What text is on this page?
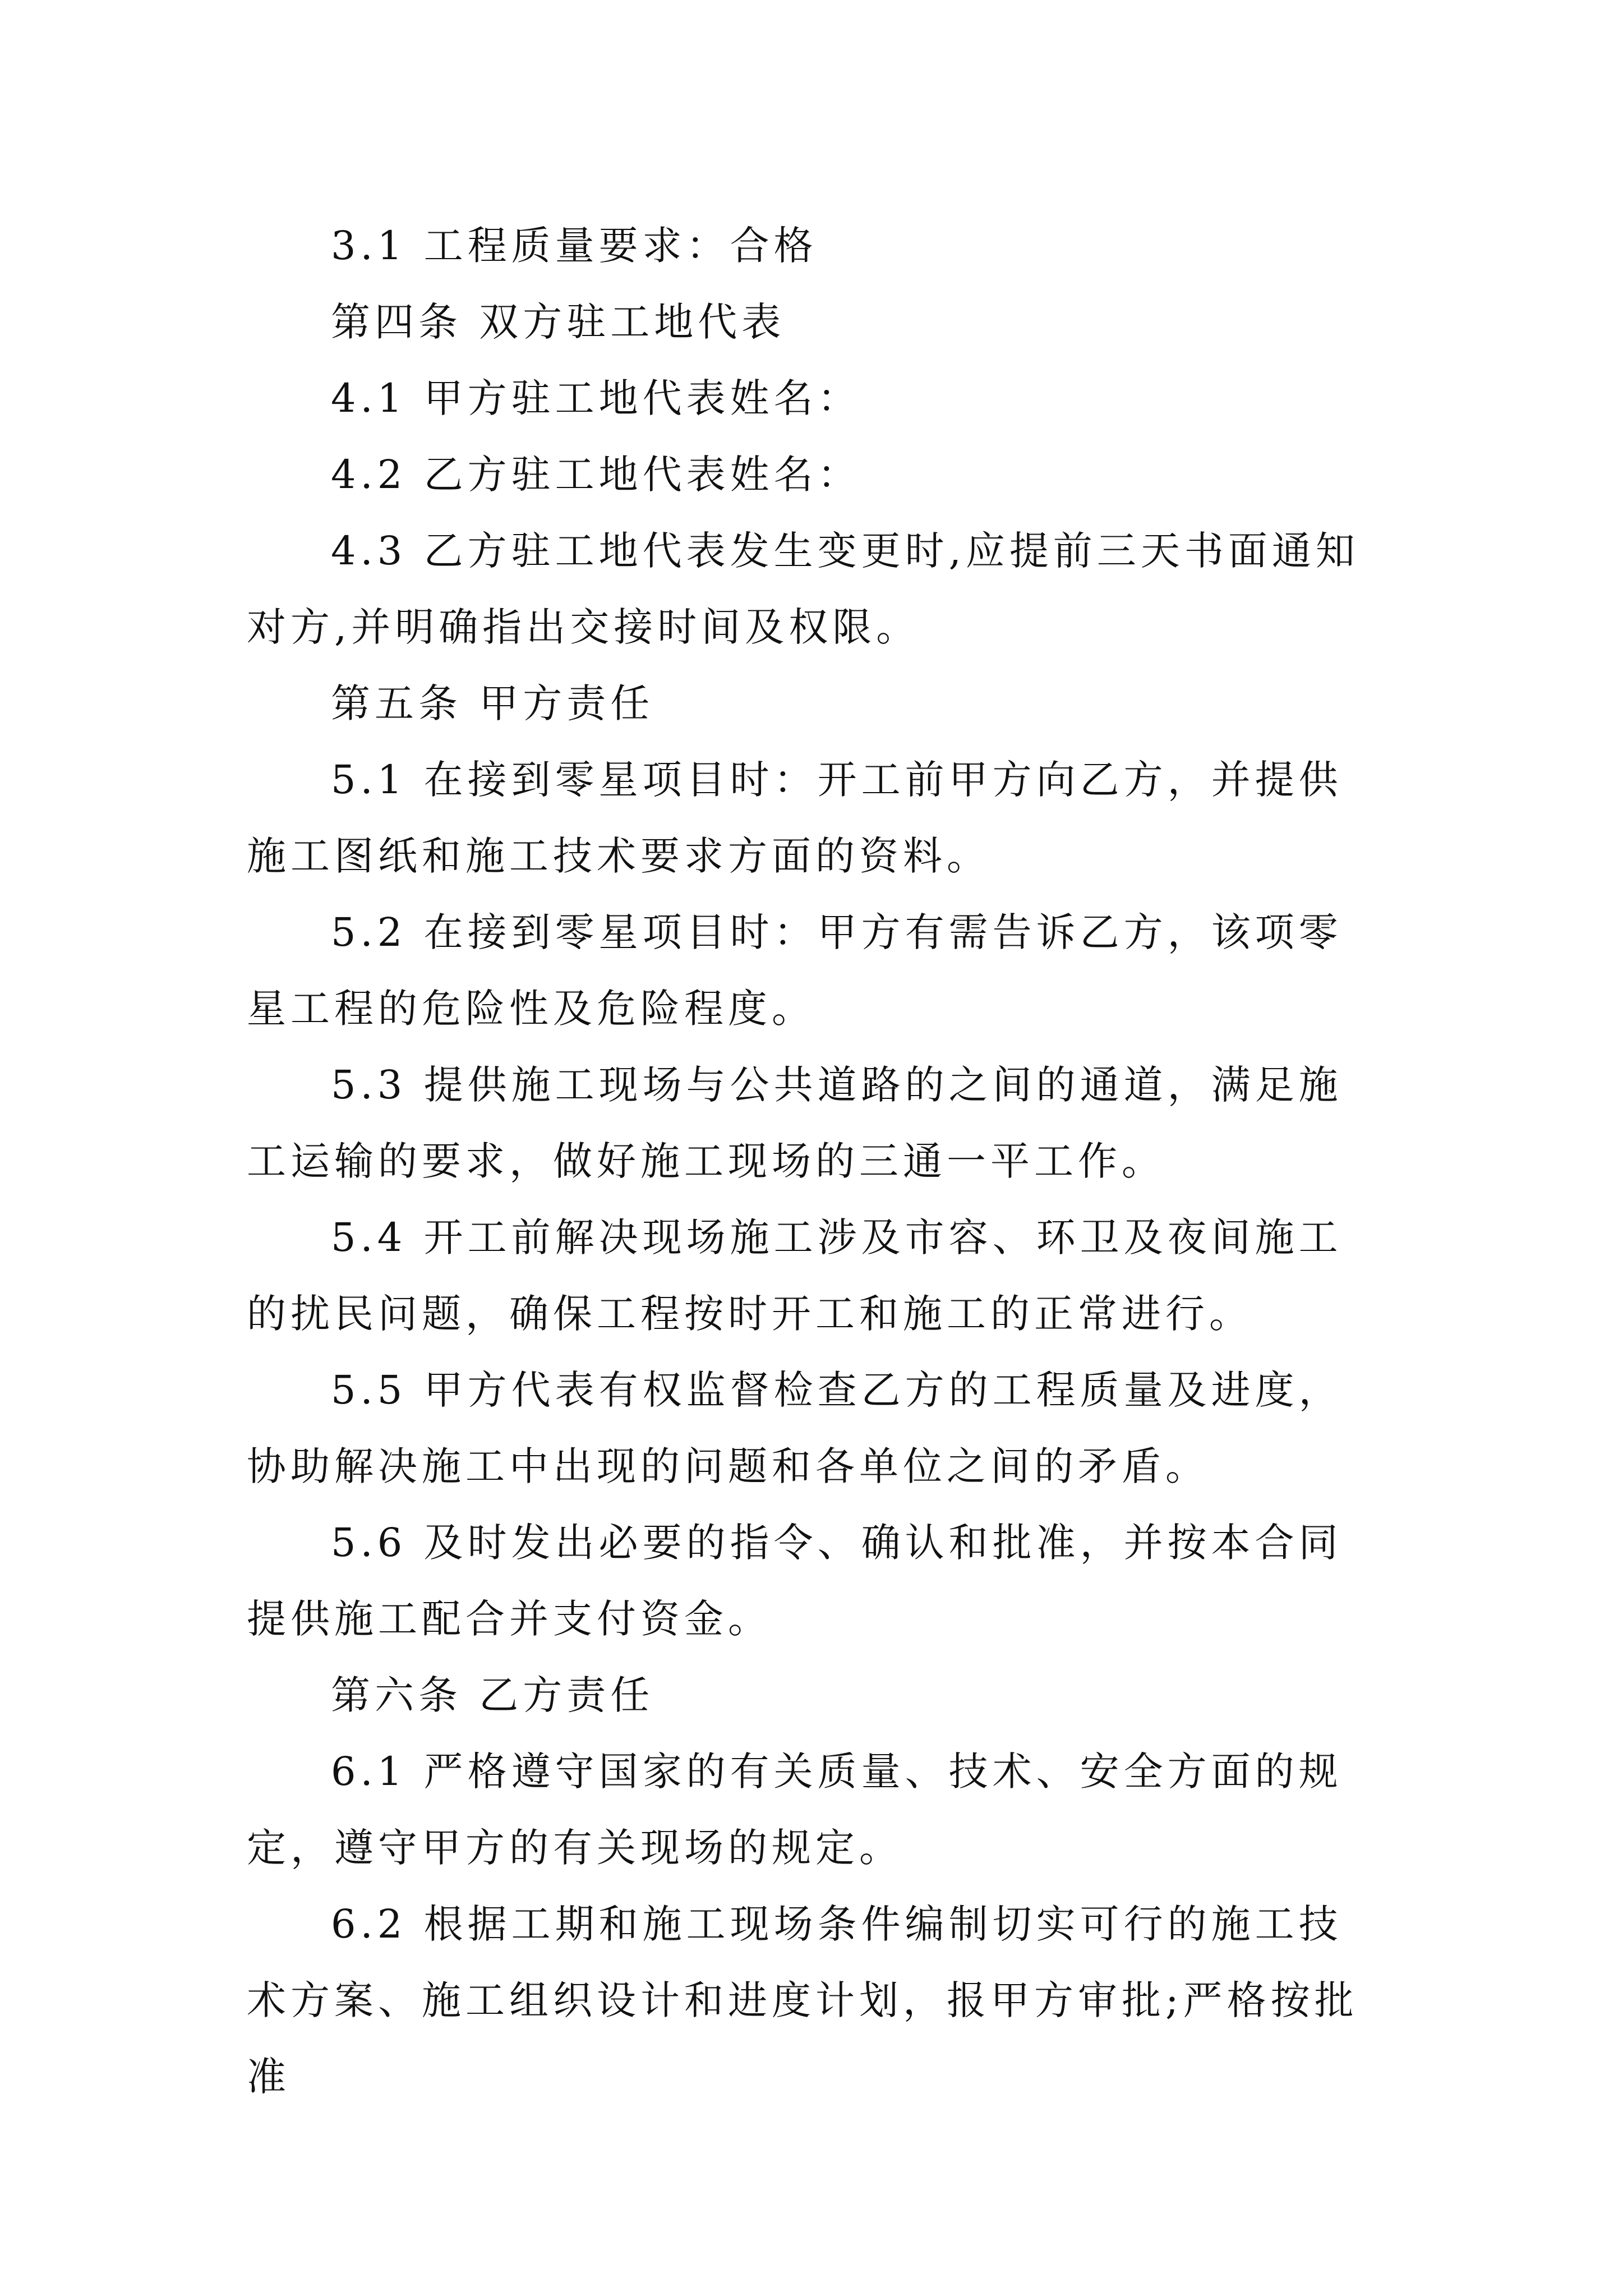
3.1 工程质量要求：合格

第四条 双方驻工地代表

4.1 甲方驻工地代表姓名：

4.2 乙方驻工地代表姓名：

4.3 乙方驻工地代表发生变更时,应提前三天书面通知对方,并明确指出交接时间及权限。

第五条 甲方责任

5.1 在接到零星项目时：开工前甲方向乙方，并提供施工图纸和施工技术要求方面的资料。

5.2 在接到零星项目时：甲方有需告诉乙方，该项零星工程的危险性及危险程度。

5.3 提供施工现场与公共道路的之间的通道，满足施工运输的要求，做好施工现场的三通一平工作。

5.4 开工前解决现场施工涉及市容、环卫及夜间施工的扰民问题，确保工程按时开工和施工的正常进行。

5.5 甲方代表有权监督检查乙方的工程质量及进度，协助解决施工中出现的问题和各单位之间的矛盾。

5.6 及时发出必要的指令、确认和批准，并按本合同提供施工配合并支付资金。

第六条 乙方责任

6.1 严格遵守国家的有关质量、技术、安全方面的规定，遵守甲方的有关现场的规定。

6.2 根据工期和施工现场条件编制切实可行的施工技术方案、施工组织设计和进度计划，报甲方审批;严格按批准
